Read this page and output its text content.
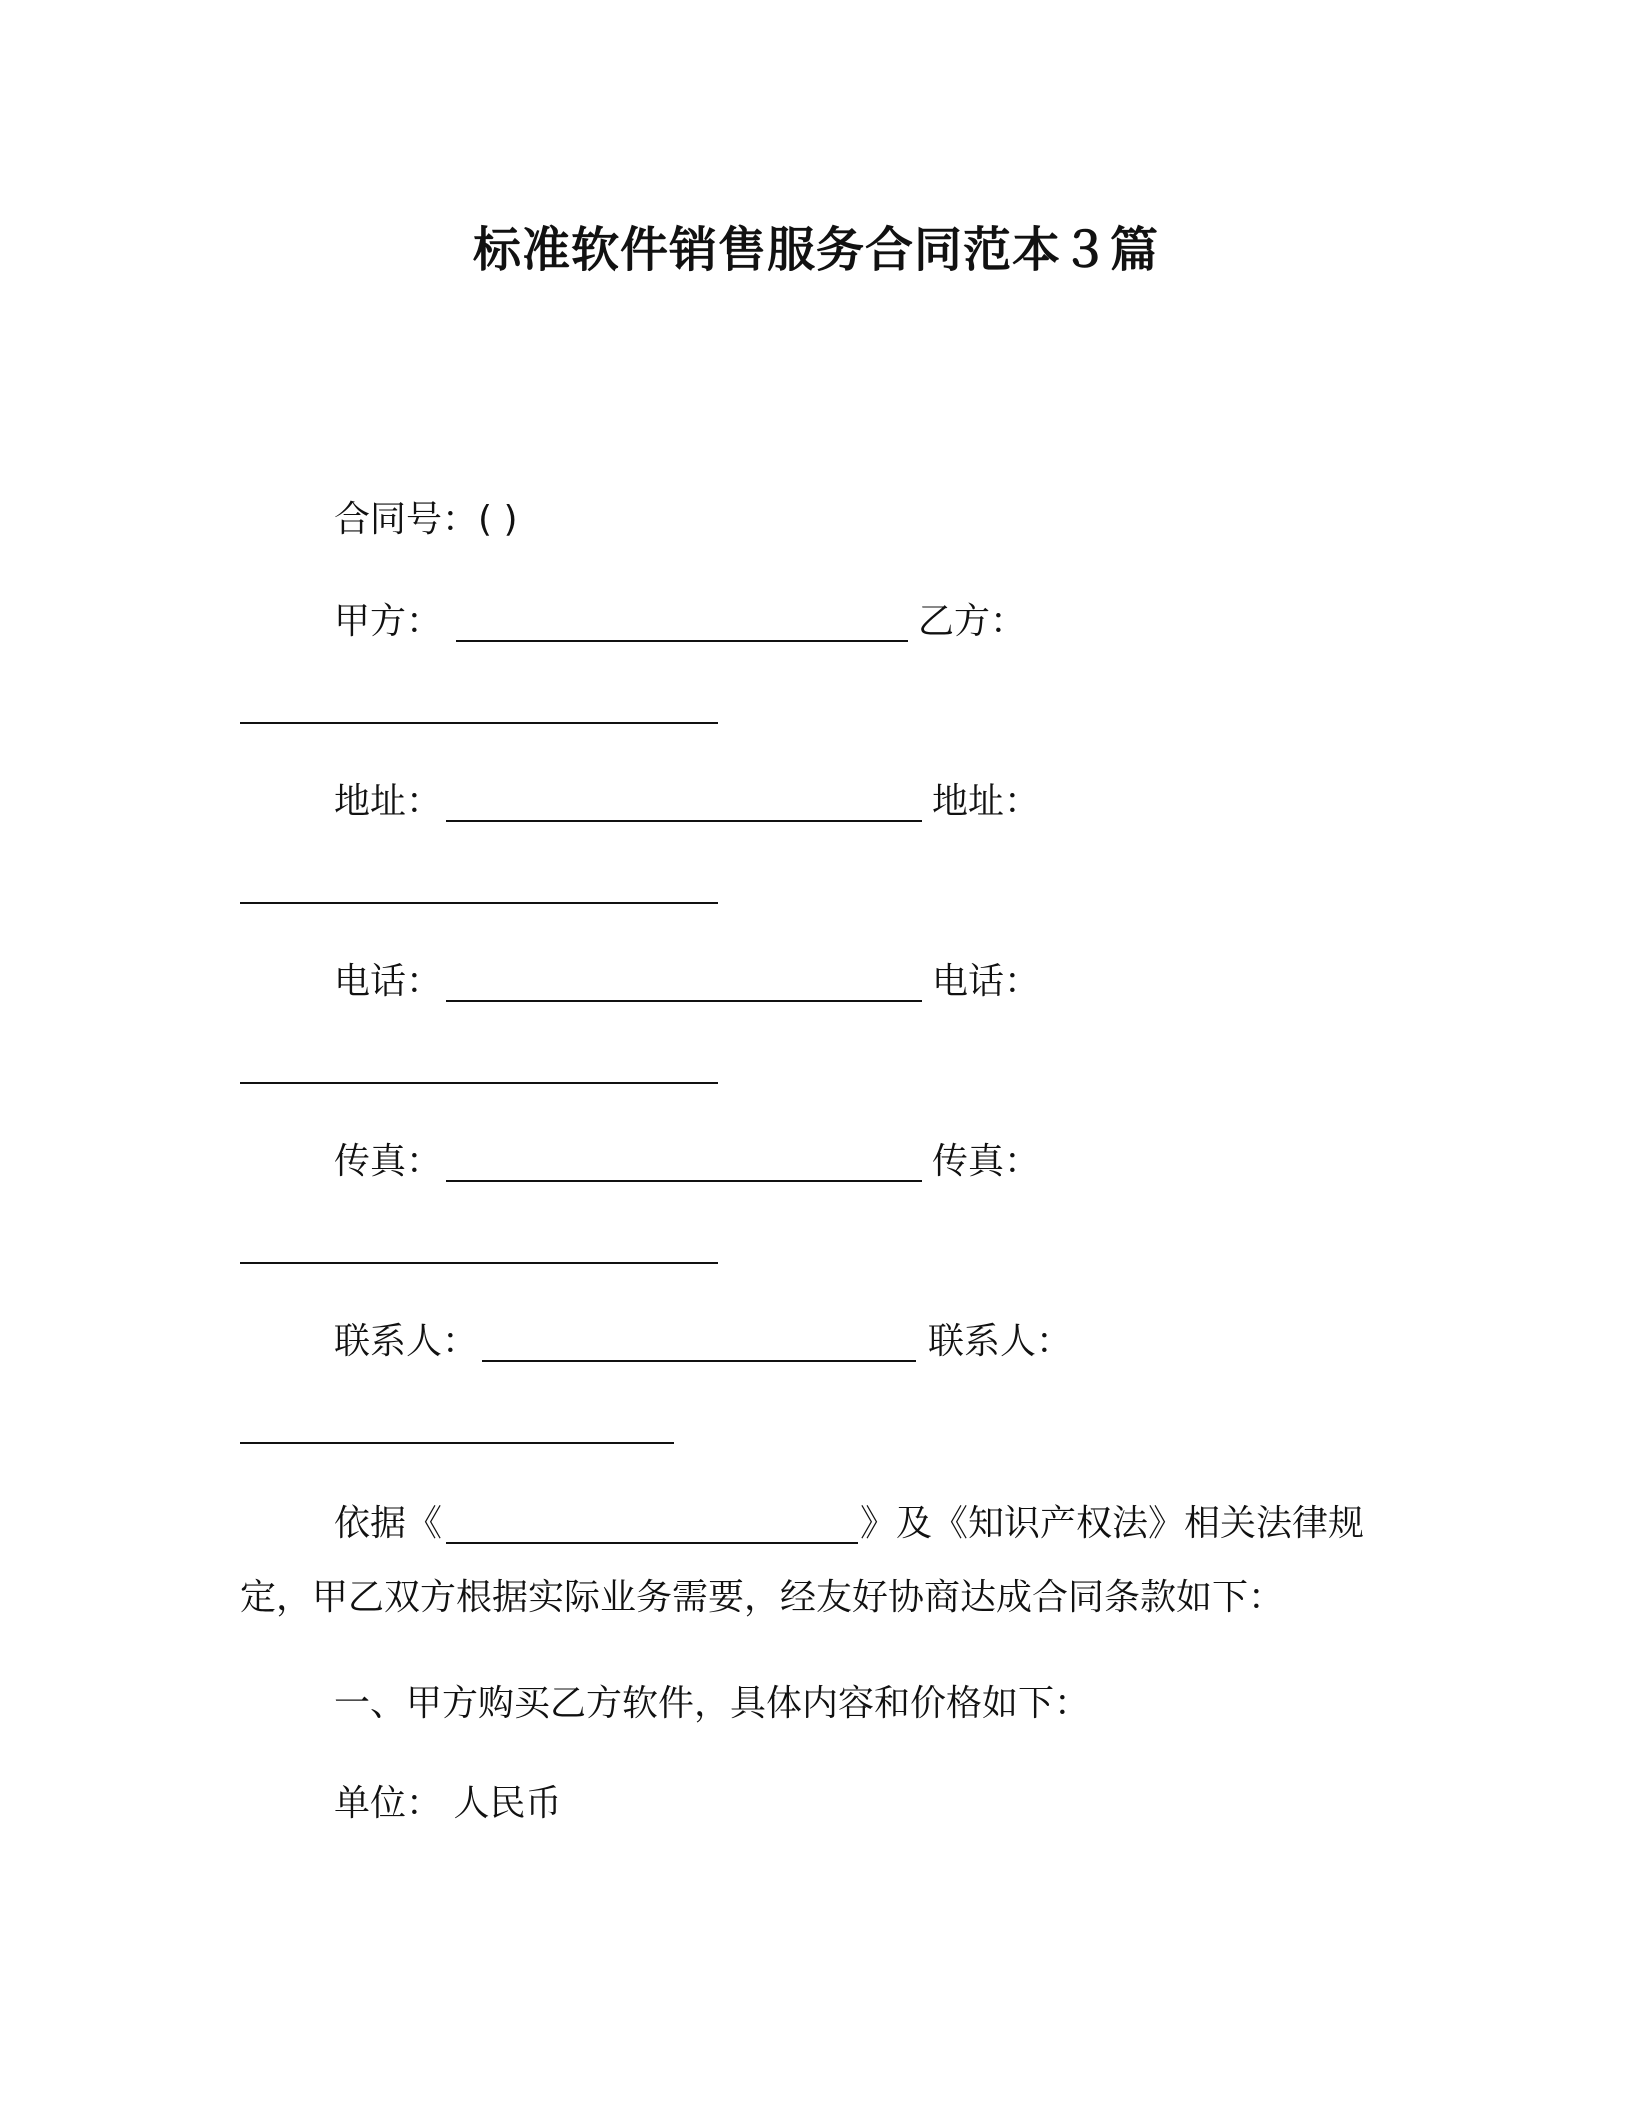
标准软件销售服务合同范本３篇
合同号：( )
甲方：	乙方：
地址：	地址：
电话：	电话：
传真：	传真：
联系人：	联系人：
依据《	》及《知识产权法》相关法律规
定，甲乙双方根据实际业务需要，经友好协商达成合同条款如下：
一、甲方购买乙方软件，具体内容和价格如下：
单位： 人民币
